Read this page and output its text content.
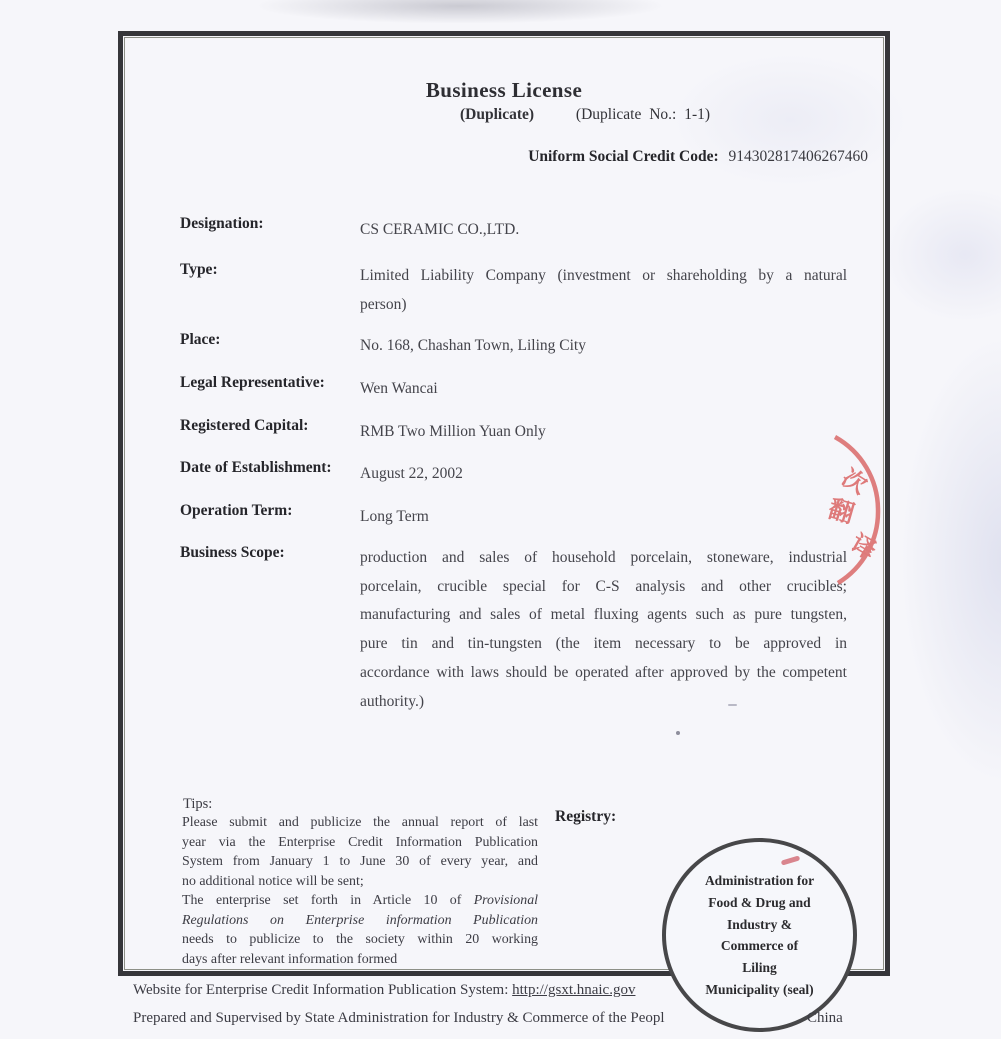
Business License
(Duplicate)	(Duplicate No.: 1-1)
Uniform Social Credit Code: 914302817406267460
Designation:	CS CERAMIC CO.,LTD.
Type:	Limited Liability Company (investment or shareholding by a natural
person)
Place:	No. 168, Chashan Town, Liling City
Legal Representative: Wen Wancai
Registered Capital:	RMB Two Million Yuan Only
Date of Establishment: August 22, 2002
Operation Term:	Long Term
Business Scope:	production and sales of household porcelain, stoneware, industrial
porcelain, crucible special for C-S analysis and other crucibles;
manufacturing and sales of metal fluxing agents such as pure tungsten,
pure tin and tin-tungsten (the item necessary to be approved in
accordance with laws should be operated after approved by the competent
authority.)
Tips:
Please submit and publicize the annual report of last
year via the Enterprise Credit Information Publication
System from January 1 to June 30 of every year, and
no additional notice will be sent;
The enterprise set forth in Article 10 of Provisional
Regulations on Enterprise information Publication
needs to publicize to the society within 20 working
days after relevant information formed
Registry:
Administration for
Food & Drug and
Industry &
Commerce of
Liling
Municipality (seal)
次
翻
译
Website for Enterprise Credit Information Publication System: http://gsxt.hnaic.gov
Prepared and Supervised by State Administration for Industry & Commerce of the Peopl	China
